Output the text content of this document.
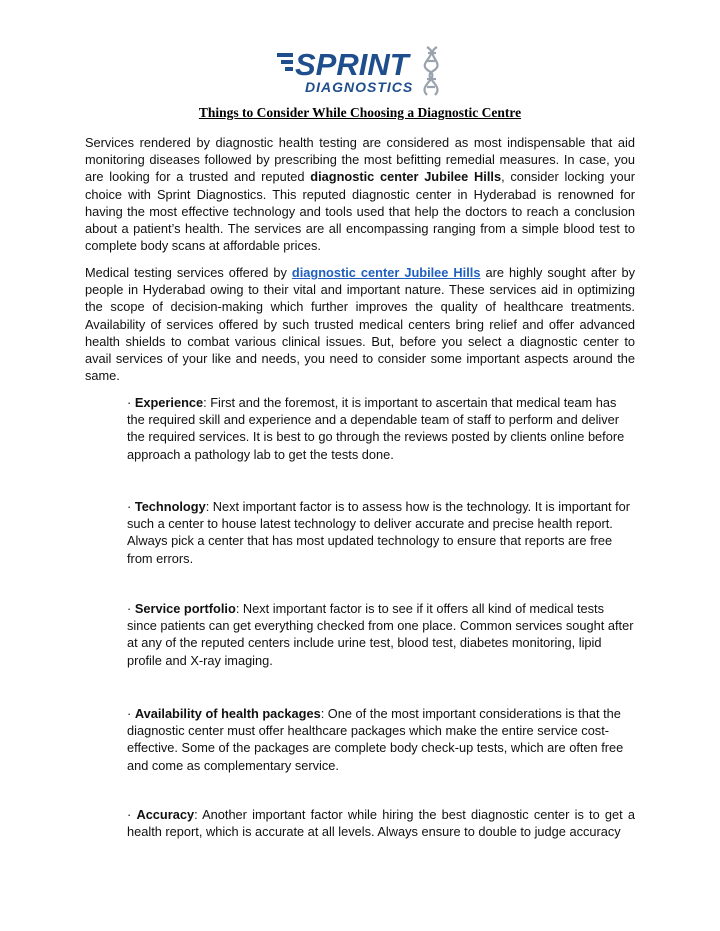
SPRINT
DIAGNOSTICS
Things to Consider While Choosing a Diagnostic Centre

Services rendered by diagnostic health testing are considered as most indispensable that aid monitoring diseases followed by prescribing the most befitting remedial measures. In case, you are looking for a trusted and reputed diagnostic center Jubilee Hills, consider locking your choice with Sprint Diagnostics. This reputed diagnostic center in Hyderabad is renowned for having the most effective technology and tools used that help the doctors to reach a conclusion about a patient’s health. The services are all encompassing ranging from a simple blood test to complete body scans at affordable prices.

Medical testing services offered by diagnostic center Jubilee Hills are highly sought after by people in Hyderabad owing to their vital and important nature. These services aid in optimizing the scope of decision-making which further improves the quality of healthcare treatments. Availability of services offered by such trusted medical centers bring relief and offer advanced health shields to combat various clinical issues. But, before you select a diagnostic center to avail services of your like and needs, you need to consider some important aspects around the same.

· Experience: First and the foremost, it is important to ascertain that medical team has the required skill and experience and a dependable team of staff to perform and deliver the required services. It is best to go through the reviews posted by clients online before approach a pathology lab to get the tests done.

· Technology: Next important factor is to assess how is the technology. It is important for such a center to house latest technology to deliver accurate and precise health report. Always pick a center that has most updated technology to ensure that reports are free from errors.

· Service portfolio: Next important factor is to see if it offers all kind of medical tests since patients can get everything checked from one place. Common services sought after at any of the reputed centers include urine test, blood test, diabetes monitoring, lipid profile and X-ray imaging.

· Availability of health packages: One of the most important considerations is that the diagnostic center must offer healthcare packages which make the entire service cost-effective. Some of the packages are complete body check-up tests, which are often free and come as complementary service.

· Accuracy: Another important factor while hiring the best diagnostic center is to get a health report, which is accurate at all levels. Always ensure to double to judge accuracy
